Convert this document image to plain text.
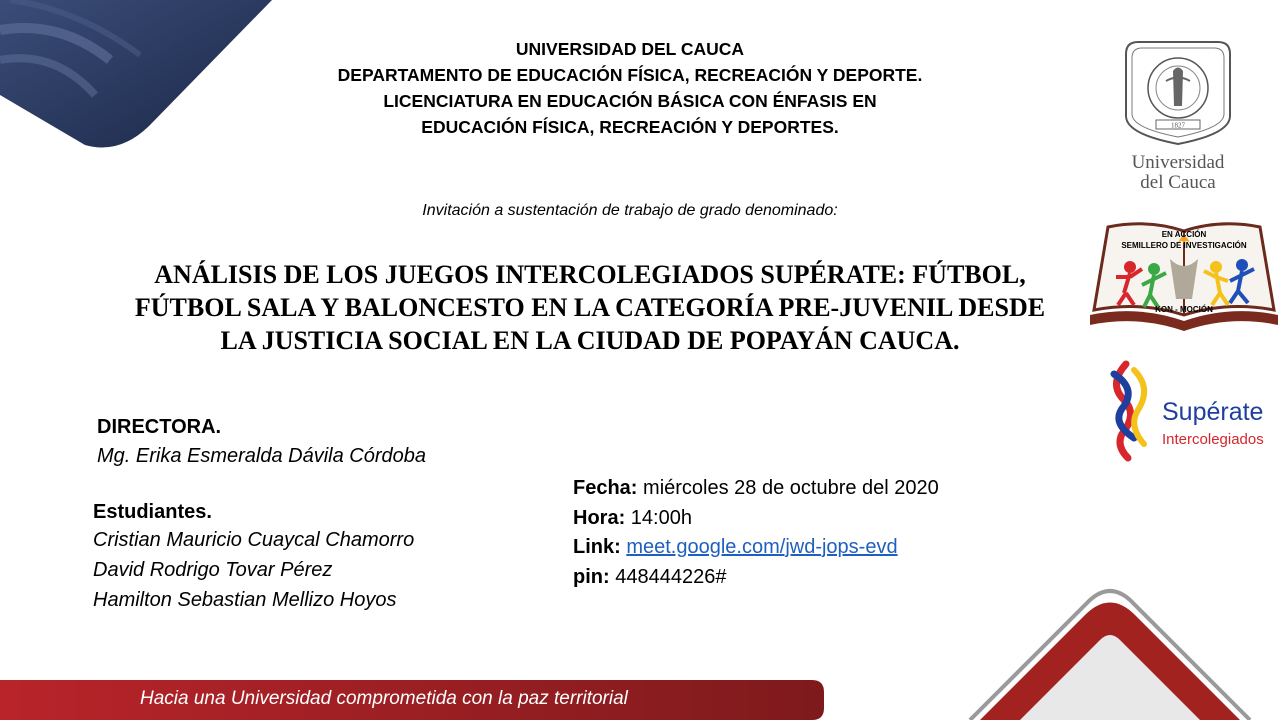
UNIVERSIDAD DEL CAUCA
DEPARTAMENTO DE EDUCACIÓN FÍSICA, RECREACIÓN Y DEPORTE.
LICENCIATURA EN EDUCACIÓN BÁSICA CON ÉNFASIS EN
EDUCACIÓN FÍSICA, RECREACIÓN Y DEPORTES.
Invitación a sustentación de trabajo de grado denominado:
ANÁLISIS DE LOS JUEGOS INTERCOLEGIADOS SUPÉRATE: FÚTBOL,
FÚTBOL SALA Y BALONCESTO EN LA CATEGORÍA PRE-JUVENIL DESDE
LA JUSTICIA SOCIAL EN LA CIUDAD DE POPAYÁN CAUCA.
DIRECTORA.
Mg. Erika Esmeralda Dávila Córdoba
Estudiantes.
Cristian Mauricio Cuaycal Chamorro
David Rodrigo Tovar Pérez
Hamilton Sebastian Mellizo Hoyos
Fecha: miércoles 28 de octubre del 2020
Hora: 14:00h
Link: meet.google.com/jwd-jops-evd
pin: 448444226#
1827
Universidad
del Cauca
EN ACCIÓN
SEMILLERO DE INVESTIGACIÓN
KON - MOCIÓN
Supérate
Intercolegiados
Hacia una Universidad comprometida con la paz territorial
